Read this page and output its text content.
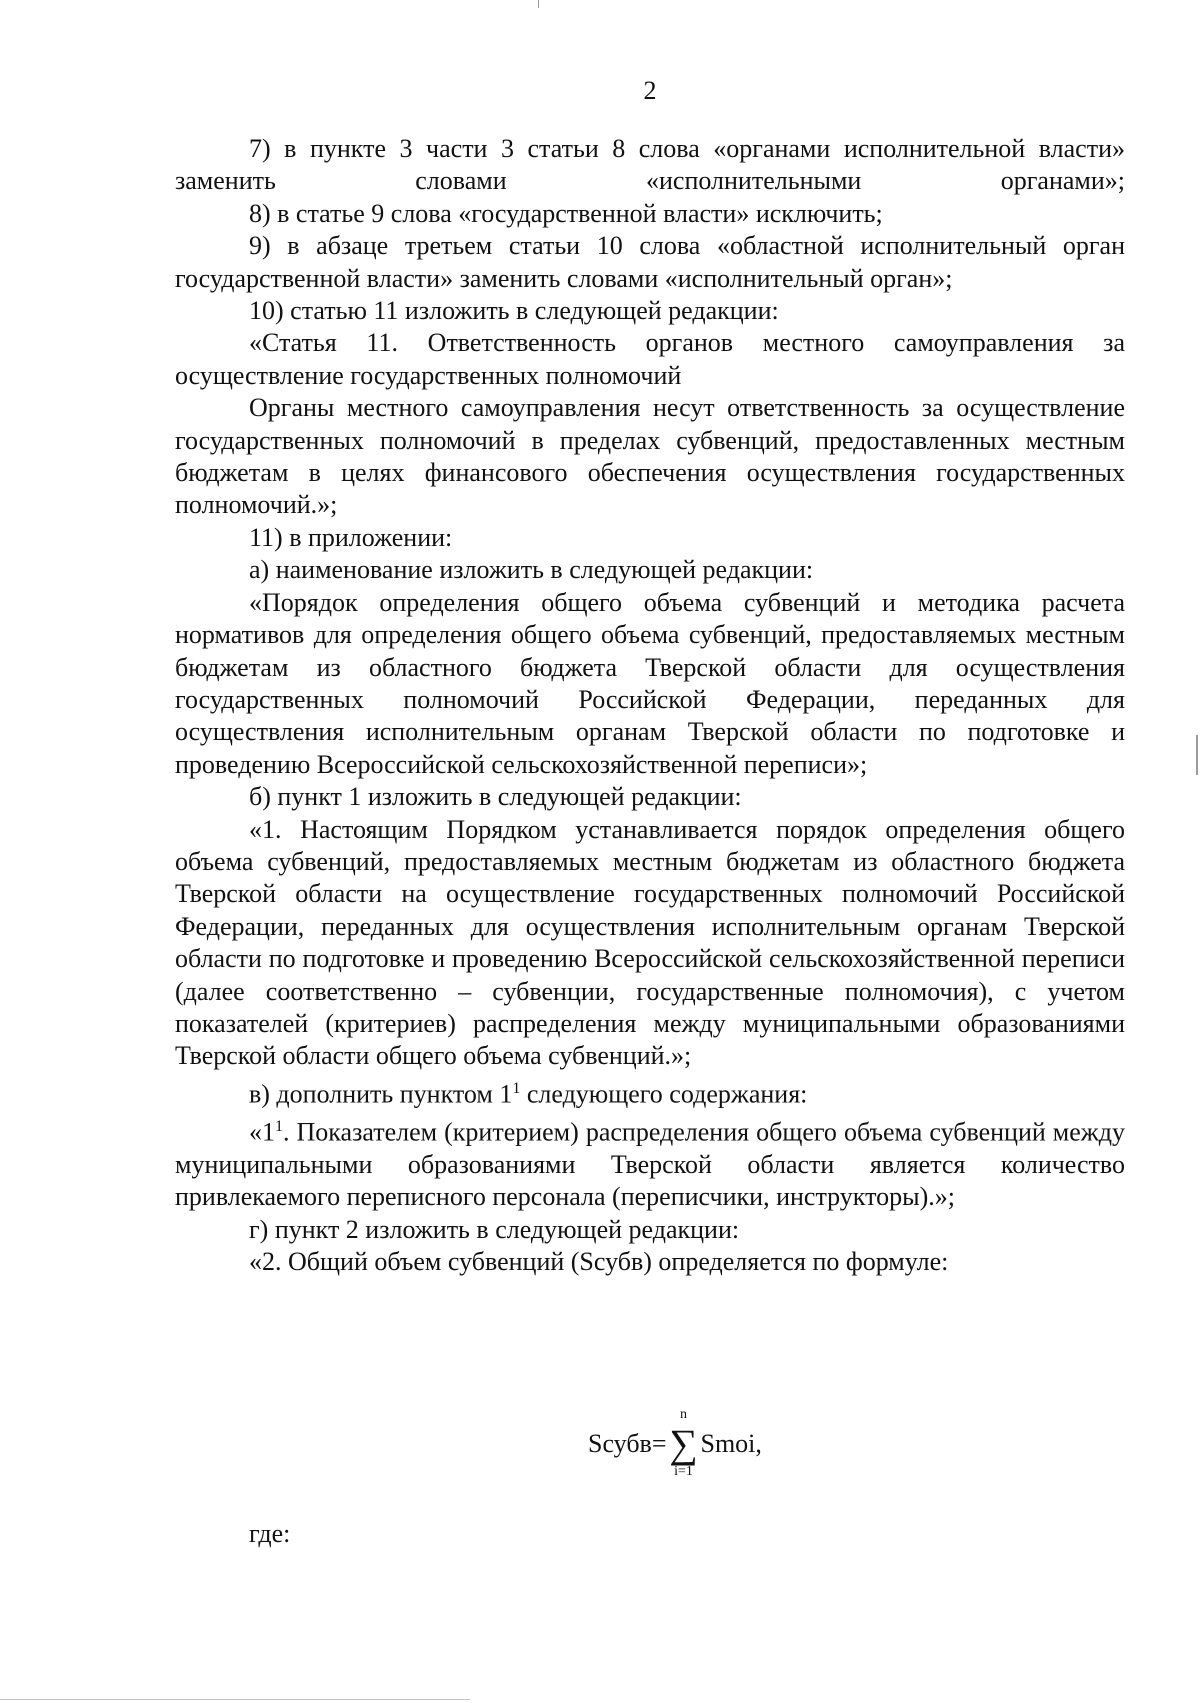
2

7) в пункте 3 части 3 статьи 8 слова «органами исполнительной власти» заменить словами «исполнительными органами»;

8) в статье 9 слова «государственной власти» исключить;

9) в абзаце третьем статьи 10 слова «областной исполнительный орган государственной власти» заменить словами «исполнительный орган»;

10) статью 11 изложить в следующей редакции:

«Статья 11. Ответственность органов местного самоуправления за осуществление государственных полномочий

Органы местного самоуправления несут ответственность за осуществление государственных полномочий в пределах субвенций, предоставленных местным бюджетам в целях финансового обеспечения осуществления государственных полномочий.»;

11) в приложении:

а) наименование изложить в следующей редакции:

«Порядок определения общего объема субвенций и методика расчета нормативов для определения общего объема субвенций, предоставляемых местным бюджетам из областного бюджета Тверской области для осуществления государственных полномочий Российской Федерации, переданных для осуществления исполнительным органам Тверской области по подготовке и проведению Всероссийской сельскохозяйственной переписи»;

б) пункт 1 изложить в следующей редакции:

«1. Настоящим Порядком устанавливается порядок определения общего объема субвенций, предоставляемых местным бюджетам из областного бюджета Тверской области на осуществление государственных полномочий Российской Федерации, переданных для осуществления исполнительным органам Тверской области по подготовке и проведению Всероссийской сельскохозяйственной переписи (далее соответственно – субвенции, государственные полномочия), с учетом показателей (критериев) распределения между муниципальными образованиями Тверской области общего объема субвенций.»;

в) дополнить пунктом $1^1$ следующего содержания:

«$1^1$. Показателем (критерием) распределения общего объема субвенций между муниципальными образованиями Тверской области является количество привлекаемого переписного персонала (переписчики, инструкторы).»;

г) пункт 2 изложить в следующей редакции:

«2. Общий объем субвенций (Sсубв) определяется по формуле:

Sсубв=
n
∑
i=1
Smoi,
где:
